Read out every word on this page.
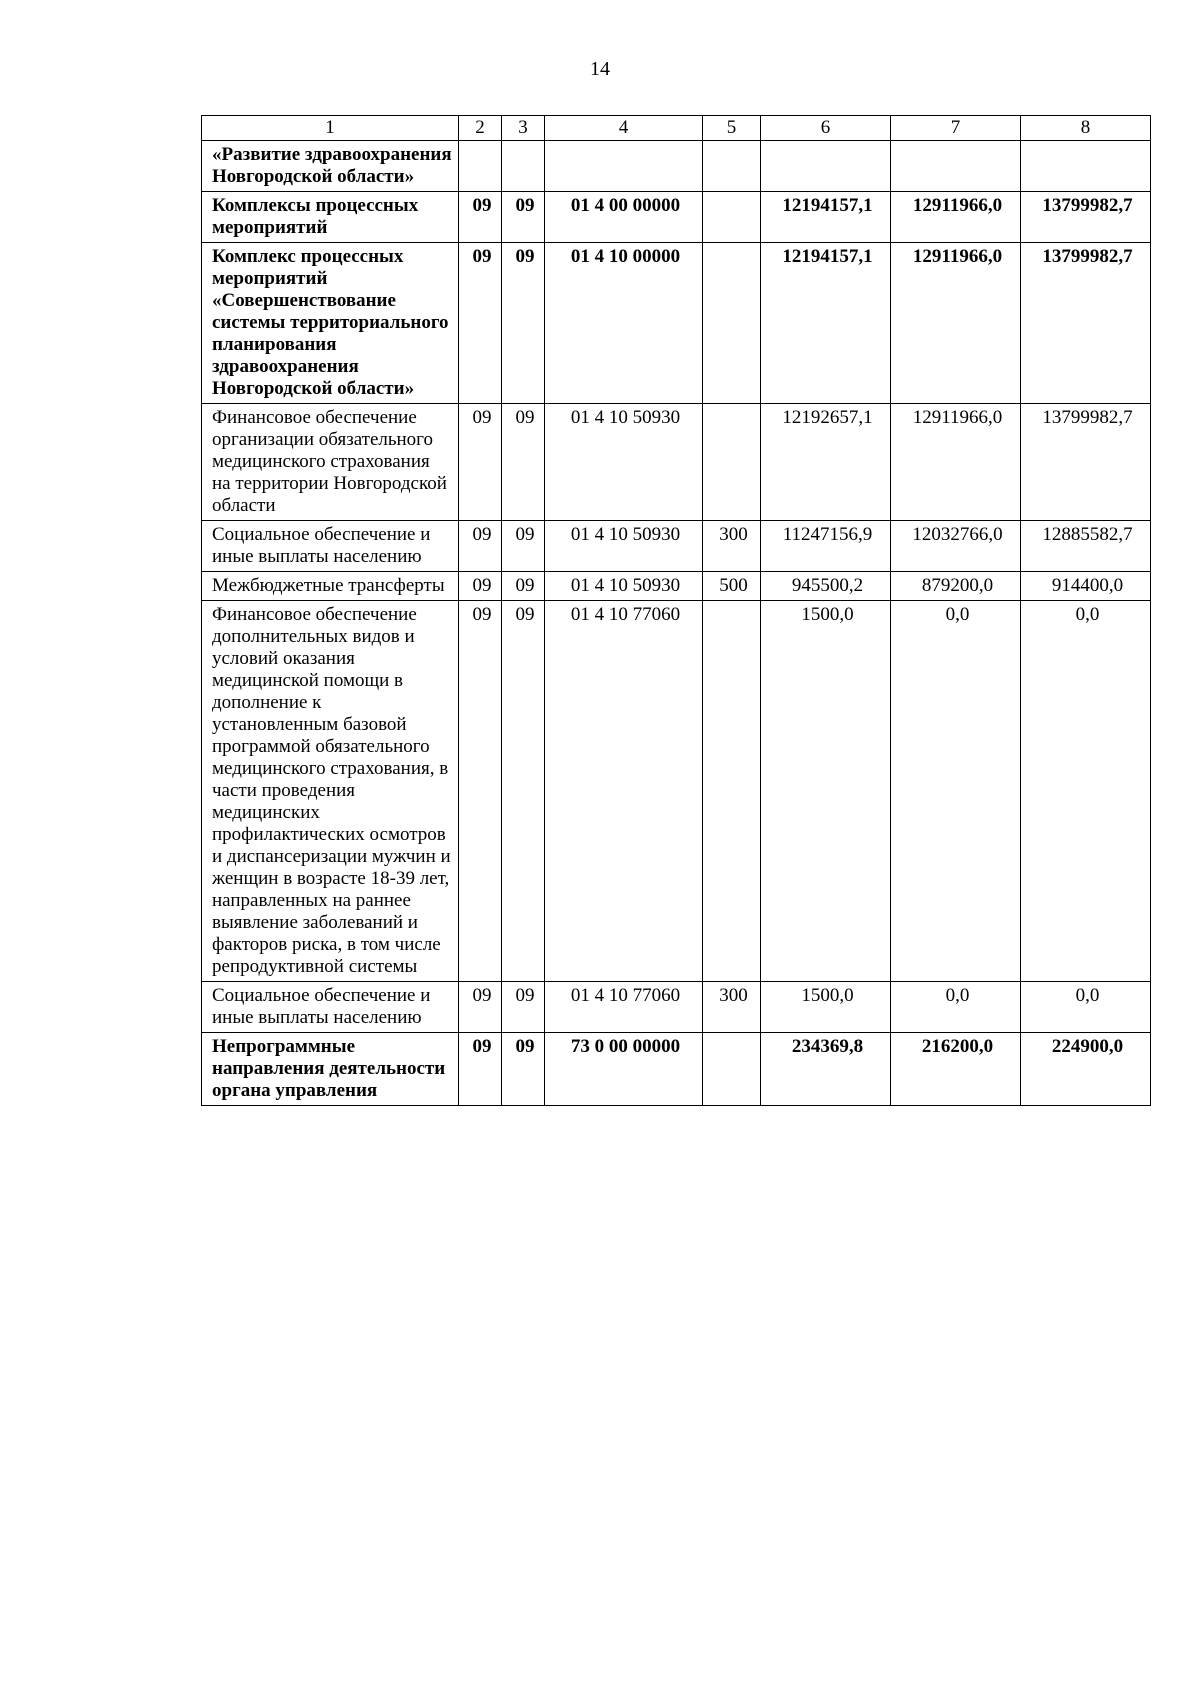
14
1	2	3	4	5	6	7	8
«Развитие здравоохранения Новгородской области»							
Комплексы процессных мероприятий	09	09	01 4 00 00000		12194157,1	12911966,0	13799982,7
Комплекс процессных мероприятий «Совершенствование системы территориального планирования здравоохранения Новгородской области»	09	09	01 4 10 00000		12194157,1	12911966,0	13799982,7
Финансовое обеспечение организации обязательного медицинского страхования на территории Новгородской области	09	09	01 4 10 50930		12192657,1	12911966,0	13799982,7
Социальное обеспечение и иные выплаты населению	09	09	01 4 10 50930	300	11247156,9	12032766,0	12885582,7
Межбюджетные трансферты	09	09	01 4 10 50930	500	945500,2	879200,0	914400,0
Финансовое обеспечение дополнительных видов и условий оказания медицинской помощи в дополнение к установленным базовой программой обязательного медицинского страхования, в части проведения медицинских профилактических осмотров и диспансеризации мужчин и женщин в возрасте 18-39 лет, направленных на раннее выявление заболеваний и факторов риска, в том числе репродуктивной системы	09	09	01 4 10 77060		1500,0	0,0	0,0
Социальное обеспечение и иные выплаты населению	09	09	01 4 10 77060	300	1500,0	0,0	0,0
Непрограммные направления деятельности органа управления	09	09	73 0 00 00000		234369,8	216200,0	224900,0
